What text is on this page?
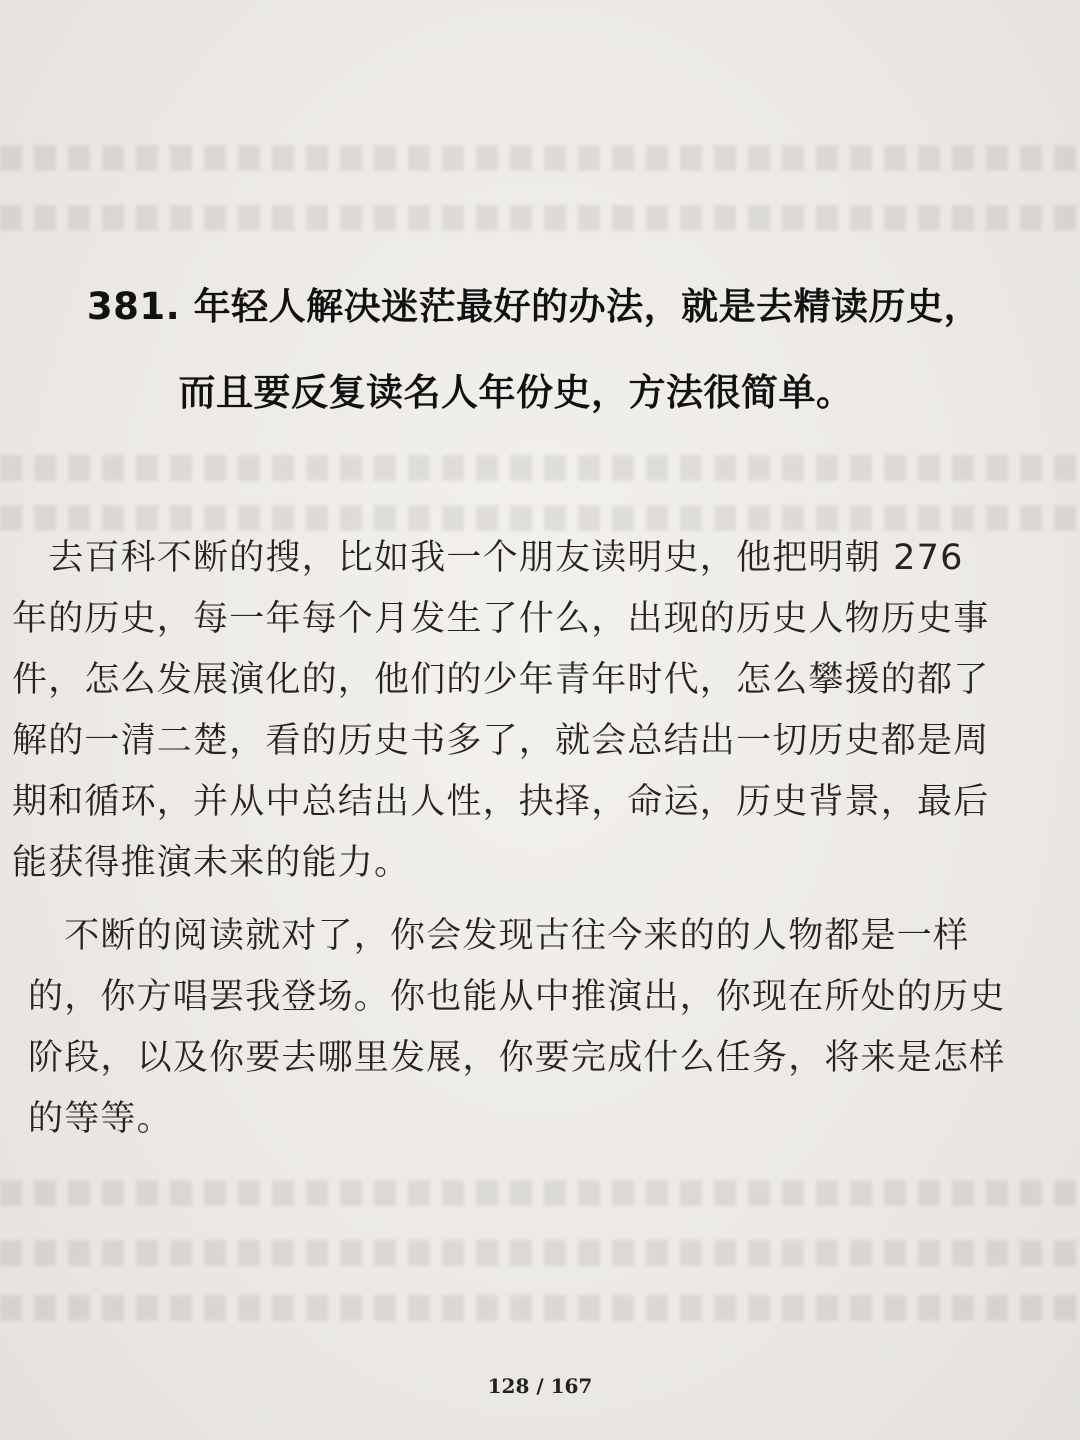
381. 年轻人解决迷茫最好的办法，就是去精读历史，
而且要反复读名人年份史，方法很简单。
　去百科不断的搜，比如我一个朋友读明史，他把明朝 276
年的历史，每一年每个月发生了什么，出现的历史人物历史事
件，怎么发展演化的，他们的少年青年时代，怎么攀援的都了
解的一清二楚，看的历史书多了，就会总结出一切历史都是周
期和循环，并从中总结出人性，抉择，命运，历史背景，最后
能获得推演未来的能力。
　不断的阅读就对了，你会发现古往今来的的人物都是一样
的，你方唱罢我登场。你也能从中推演出，你现在所处的历史
阶段，以及你要去哪里发展，你要完成什么任务，将来是怎样
的等等。
128 / 167
